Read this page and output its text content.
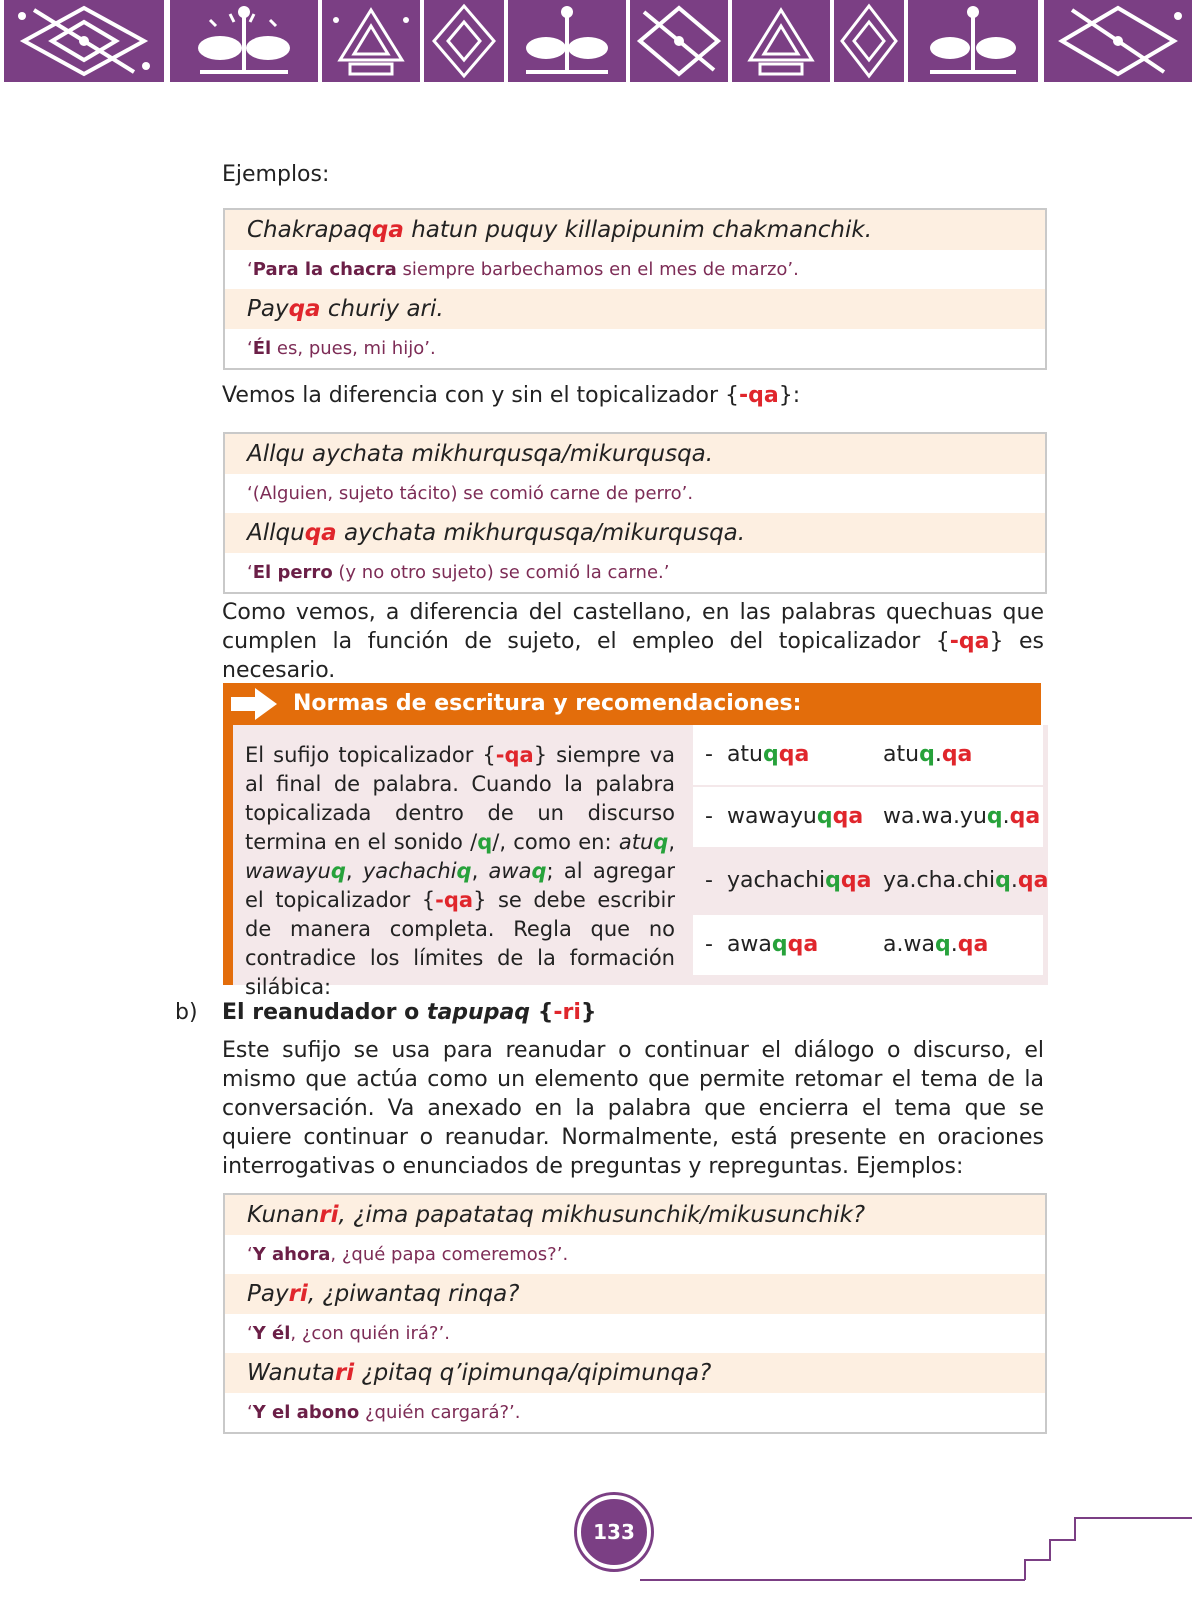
Ejemplos:
Chakrapaqqa hatun puquy killapipunim chakmanchik.
‘Para la chacra siempre barbechamos en el mes de marzo’.
Payqa churiy ari.
‘Él es, pues, mi hijo’.
Vemos la diferencia con y sin el topicalizador {-qa}:
Allqu aychata mikhurqusqa/mikurqusqa.
‘(Alguien, sujeto tácito) se comió carne de perro’.
Allquqa aychata mikhurqusqa/mikurqusqa.
‘El perro (y no otro sujeto) se comió la carne.’
Como vemos, a diferencia del castellano, en las palabras quechuas que
cumplen la función de sujeto, el empleo del topicalizador {-qa} es necesario.
Normas de escritura y recomendaciones:
El sufijo topicalizador {-qa} siempre va al final de palabra. Cuando la palabra topicalizada dentro de un discurso termina en el sonido /q/, como en: atuq, wawayuq, yachachiq, awaq; al agregar el topicalizador {-qa} se debe escribir de manera completa. Regla que no contradice los límites de la formación silábica:
- atuqqa	atuq.qa
- wawayuqqa wa.wa.yuq.qa
- yachachiqqa ya.cha.chiq.qa
- awaqqa	a.waq.qa
b) El reanudador o tapupaq {-ri}
Este sufijo se usa para reanudar o continuar el diálogo o discurso, el mismo que actúa como un elemento que permite retomar el tema de la conversación. Va anexado en la palabra que encierra el tema que se quiere continuar o reanudar. Normalmente, está presente en oraciones interrogativas o enunciados de preguntas y repreguntas. Ejemplos:
Kunanri, ¿ima papatataq mikhusunchik/mikusunchik?
‘Y ahora, ¿qué papa comeremos?’.
Payri, ¿piwantaq rinqa?
‘Y él, ¿con quién irá?’.
Wanutari ¿pitaq q’ipimunqa/qipimunqa?
‘Y el abono ¿quién cargará?’.
133
